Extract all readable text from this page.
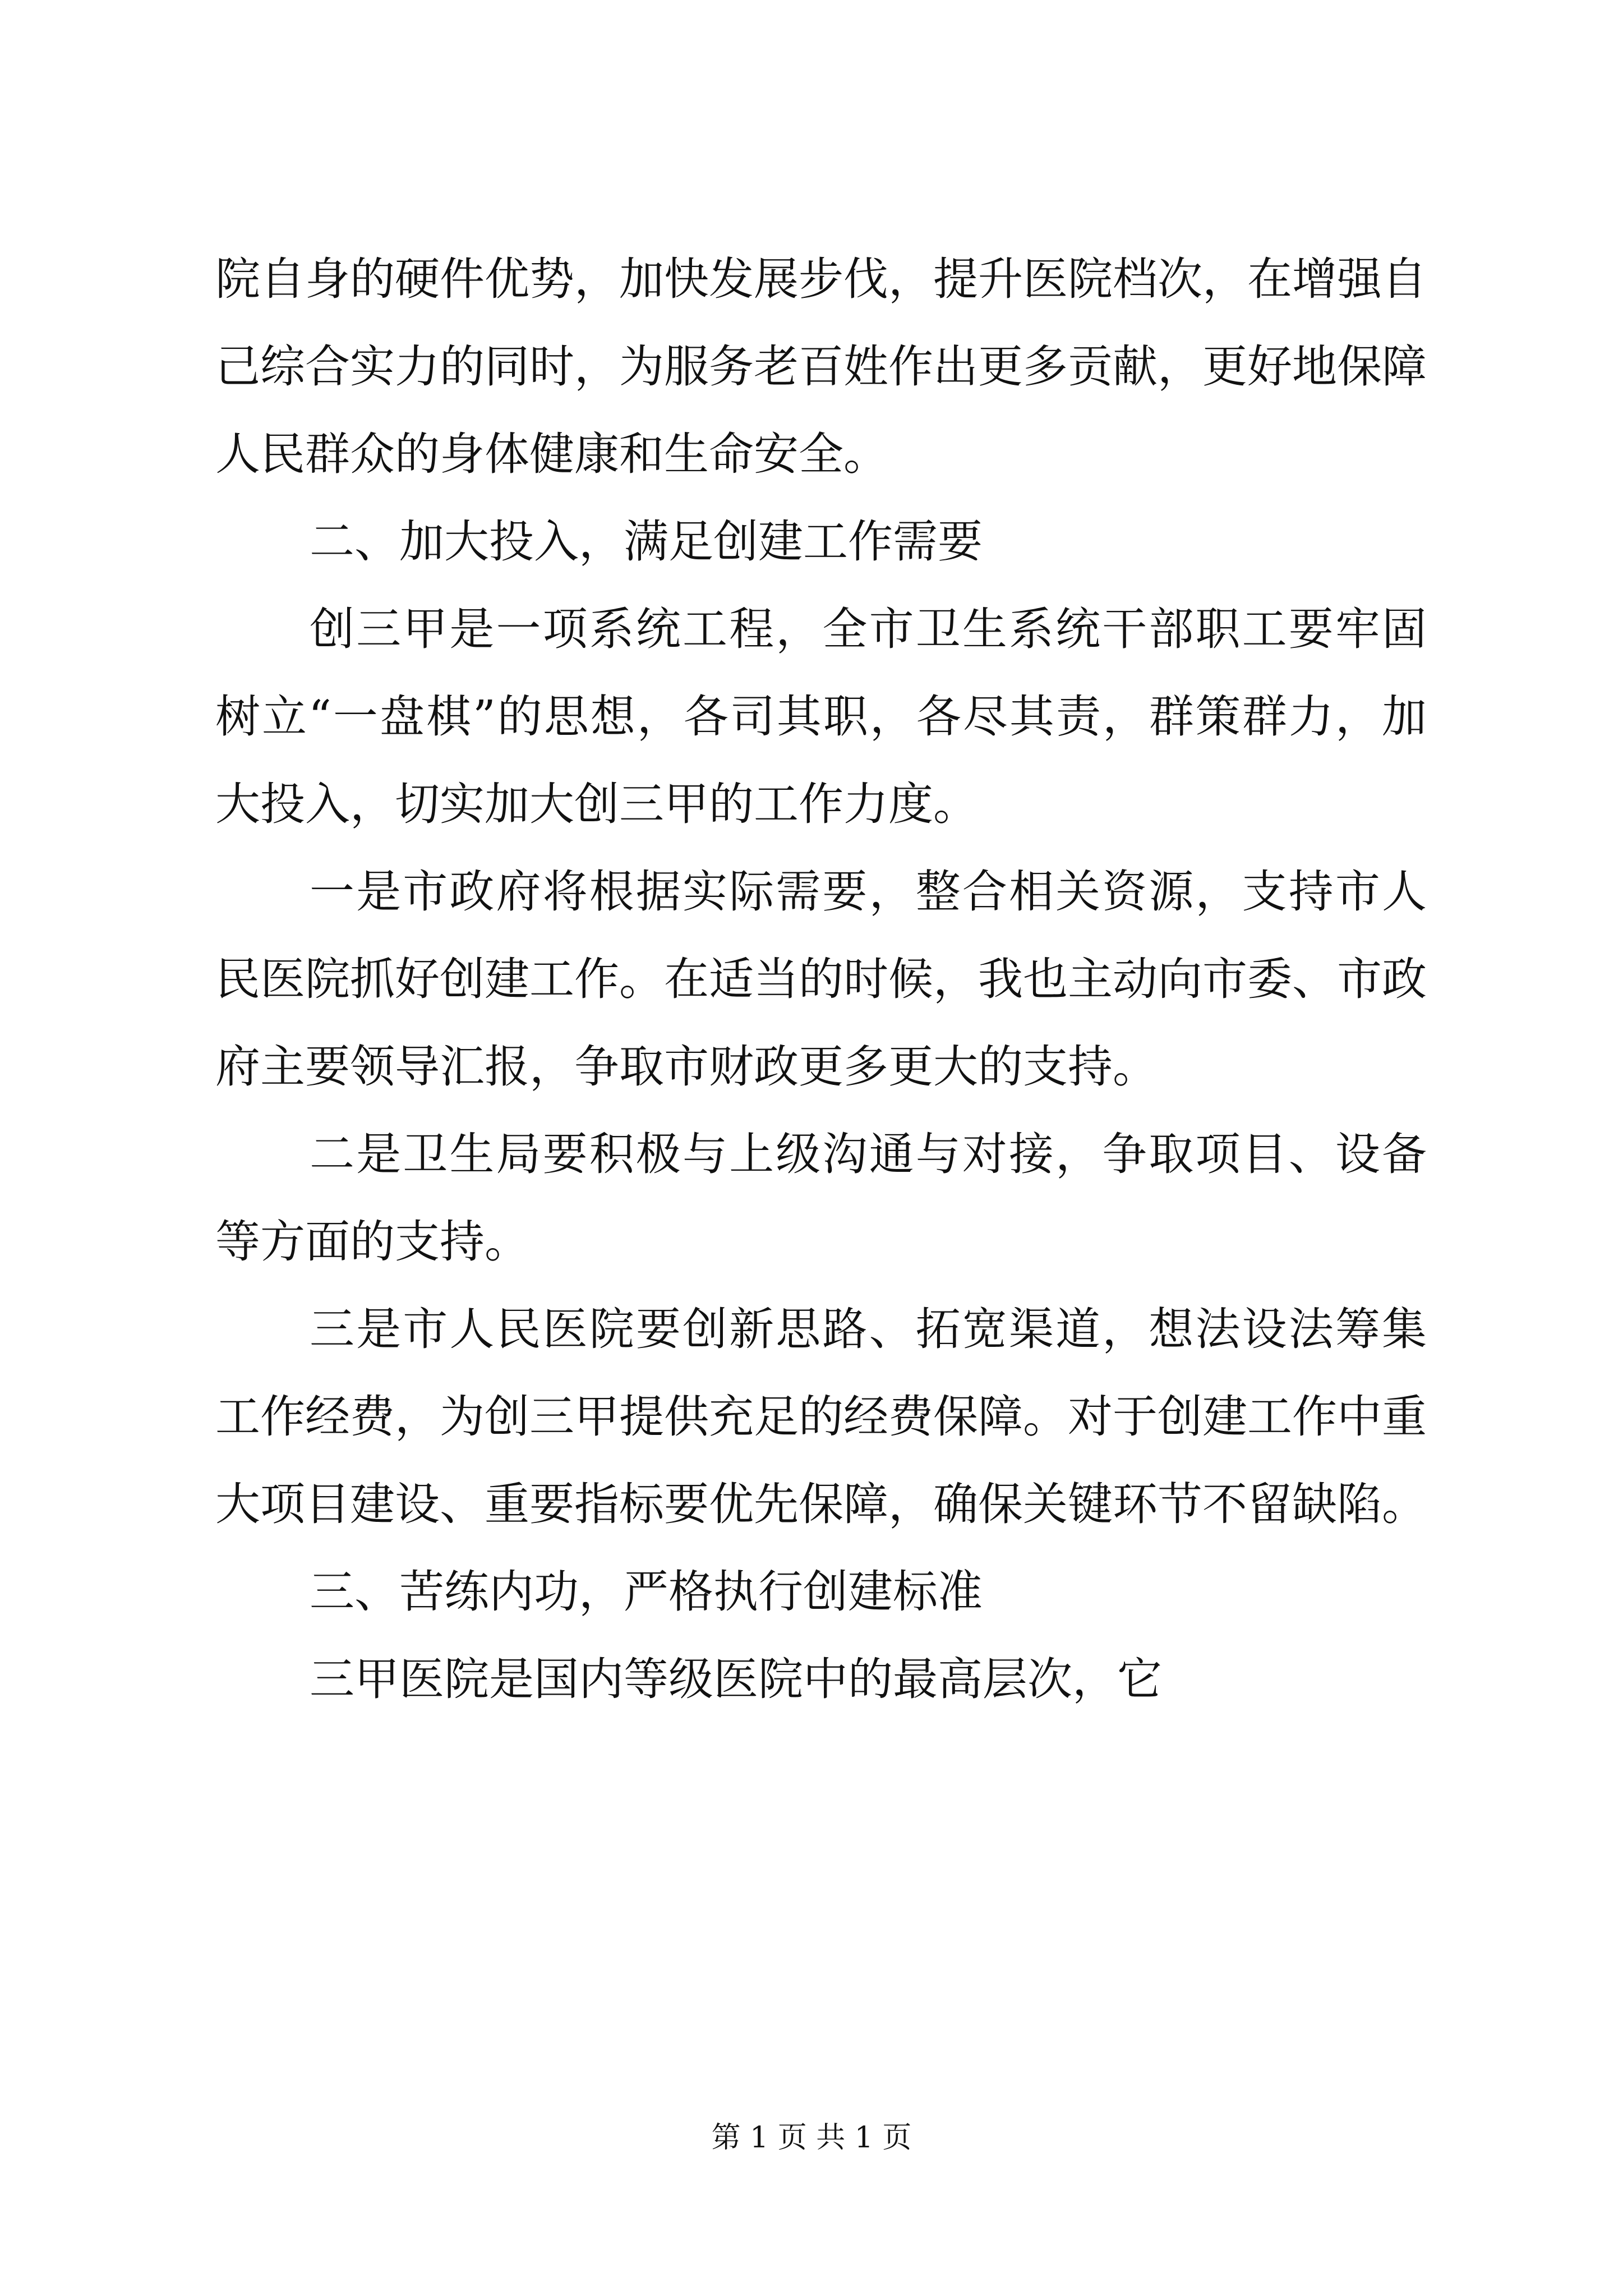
院自身的硬件优势，加快发展步伐，提升医院档次，在增强自己综合实力的同时，为服务老百姓作出更多贡献，更好地保障人民群众的身体健康和生命安全。

二、加大投入，满足创建工作需要

创三甲是一项系统工程，全市卫生系统干部职工要牢固树立“一盘棋”的思想，各司其职，各尽其责，群策群力，加大投入，切实加大创三甲的工作力度。

一是市政府将根据实际需要，整合相关资源，支持市人民医院抓好创建工作。在适当的时候，我也主动向市委、市政府主要领导汇报，争取市财政更多更大的支持。

二是卫生局要积极与上级沟通与对接，争取项目、设备等方面的支持。

三是市人民医院要创新思路、拓宽渠道，想法设法筹集工作经费，为创三甲提供充足的经费保障。对于创建工作中重大项目建设、重要指标要优先保障，确保关键环节不留缺陷。

三、苦练内功，严格执行创建标准

三甲医院是国内等级医院中的最高层次，它

第 1 页 共 1 页
